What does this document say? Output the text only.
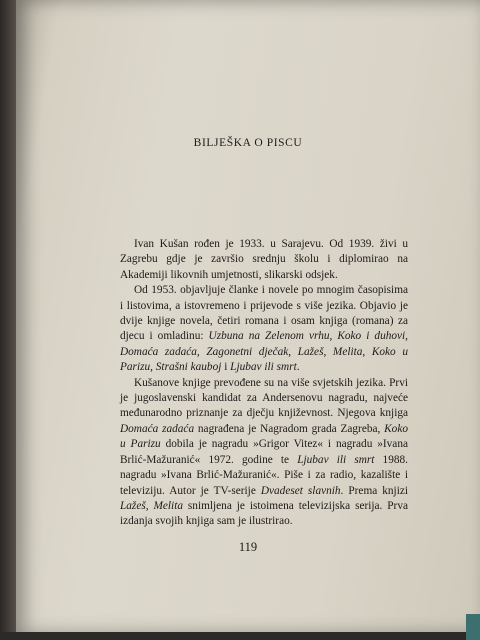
BILJEŠKA O PISCU

Ivan Kušan rođen je 1933. u Sarajevu. Od 1939. živi u Zagrebu gdje je završio srednju školu i diplomirao na Akademiji likovnih umjetnosti, slikarski odsjek.

Od 1953. objavljuje članke i novele po mnogim časopisima i listovima, a istovremeno i prijevode s više jezika. Objavio je dvije knjige novela, četiri romana i osam knjiga (romana) za djecu i omladinu: Uzbuna na Zelenom vrhu, Koko i duhovi, Domaća zadaća, Zagonetni dječak, Lažeš, Melita, Koko u Parizu, Strašni kauboj i Ljubav ili smrt.

Kušanove knjige prevođene su na više svjetskih jezika. Prvi je jugoslavenski kandidat za Andersenovu nagradu, najveće međunarodno priznanje za dječju književnost. Njegova knjiga Domaća zadaća nagrađena je Nagradom grada Zagreba, Koko u Parizu dobila je nagradu »Grigor Vitez« i nagradu »Ivana Brlić-Mažuranić« 1972. godine te Ljubav ili smrt 1988. nagradu »Ivana Brlić-Mažuranić«. Piše i za radio, kazalište i televiziju. Autor je TV-serije Dvadeset slavnih. Prema knjizi Lažeš, Melita snimljena je istoimena televizijska serija. Prva izdanja svojih knjiga sam je ilustrirao.

119
